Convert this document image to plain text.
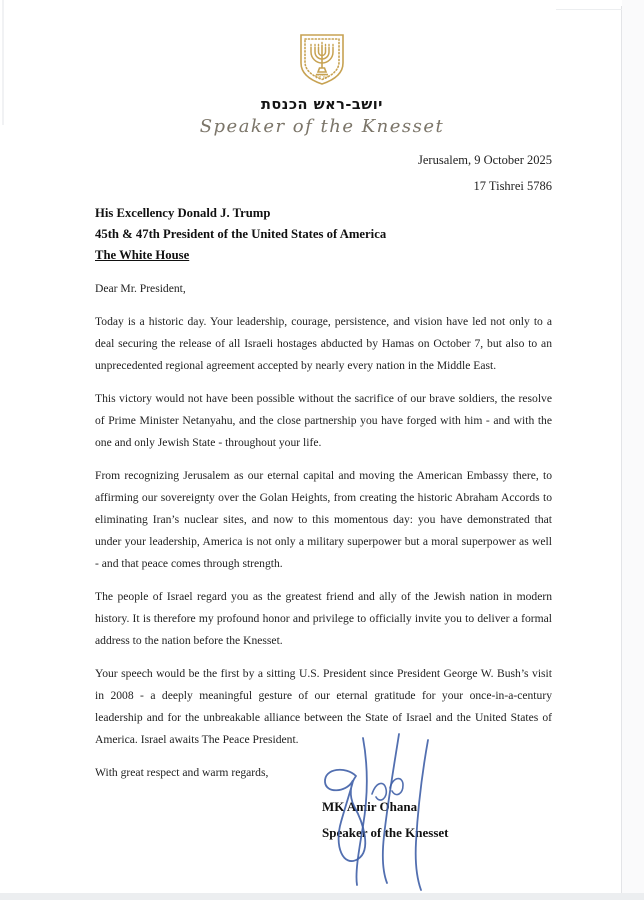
ישראל
יושב-ראש הכנסת
Speaker of the Knesset
Jerusalem, 9 October 2025
17 Tishrei 5786
His Excellency Donald J. Trump
45th & 47th President of the United States of America
The White House

Dear Mr. President,

Today is a historic day. Your leadership, courage, persistence, and vision have led not only to a deal securing the release of all Israeli hostages abducted by Hamas on October 7, but also to an unprecedented regional agreement accepted by nearly every nation in the Middle East.

This victory would not have been possible without the sacrifice of our brave soldiers, the resolve of Prime Minister Netanyahu, and the close partnership you have forged with him - and with the one and only Jewish State - throughout your life.

From recognizing Jerusalem as our eternal capital and moving the American Embassy there, to affirming our sovereignty over the Golan Heights, from creating the historic Abraham Accords to eliminating Iran’s nuclear sites, and now to this momentous day: you have demonstrated that under your leadership, America is not only a military superpower but a moral superpower as well - and that peace comes through strength.

The people of Israel regard you as the greatest friend and ally of the Jewish nation in modern history. It is therefore my profound honor and privilege to officially invite you to deliver a formal address to the nation before the Knesset.

Your speech would be the first by a sitting U.S. President since President George W. Bush’s visit in 2008 - a deeply meaningful gesture of our eternal gratitude for your once-in-a-century leadership and for the unbreakable alliance between the State of Israel and the United States of America. Israel awaits The Peace President.

With great respect and warm regards,

MK Amir Ohana
Speaker of the Knesset
